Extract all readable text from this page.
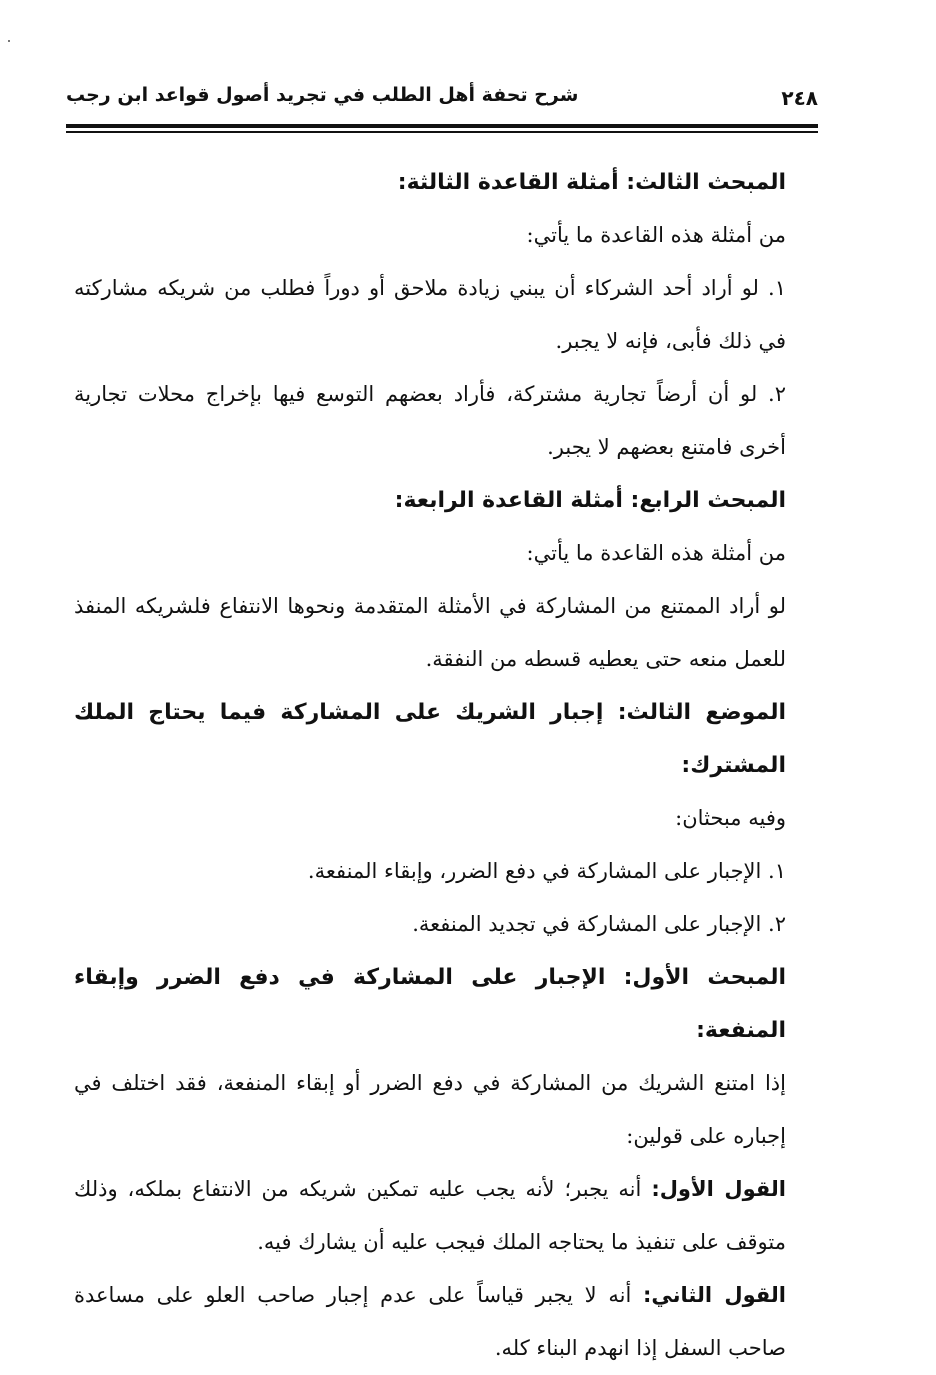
٢٤٨
شرح تحفة أهل الطلب في تجريد أصول قواعد ابن رجب

المبحث الثالث: أمثلة القاعدة الثالثة:

من أمثلة هذه القاعدة ما يأتي:

١. لو أراد أحد الشركاء أن يبني زيادة ملاحق أو دوراً فطلب من شريكه مشاركته في ذلك فأبى، فإنه لا يجبر.

٢. لو أن أرضاً تجارية مشتركة، فأراد بعضهم التوسع فيها بإخراج محلات تجارية أخرى فامتنع بعضهم لا يجبر.

المبحث الرابع: أمثلة القاعدة الرابعة:

من أمثلة هذه القاعدة ما يأتي:

لو أراد الممتنع من المشاركة في الأمثلة المتقدمة ونحوها الانتفاع فلشريكه المنفذ للعمل منعه حتى يعطيه قسطه من النفقة.

الموضع الثالث: إجبار الشريك على المشاركة فيما يحتاج الملك المشترك:

وفيه مبحثان:

١. الإجبار على المشاركة في دفع الضرر، وإبقاء المنفعة.

٢. الإجبار على المشاركة في تجديد المنفعة.

المبحث الأول: الإجبار على المشاركة في دفع الضرر وإبقاء المنفعة:

إذا امتنع الشريك من المشاركة في دفع الضرر أو إبقاء المنفعة، فقد اختلف في إجباره على قولين:

القول الأول: أنه يجبر؛ لأنه يجب عليه تمكين شريكه من الانتفاع بملكه، وذلك متوقف على تنفيذ ما يحتاجه الملك فيجب عليه أن يشارك فيه.

القول الثاني: أنه لا يجبر قياساً على عدم إجبار صاحب العلو على مساعدة صاحب السفل إذا انهدم البناء كله.
